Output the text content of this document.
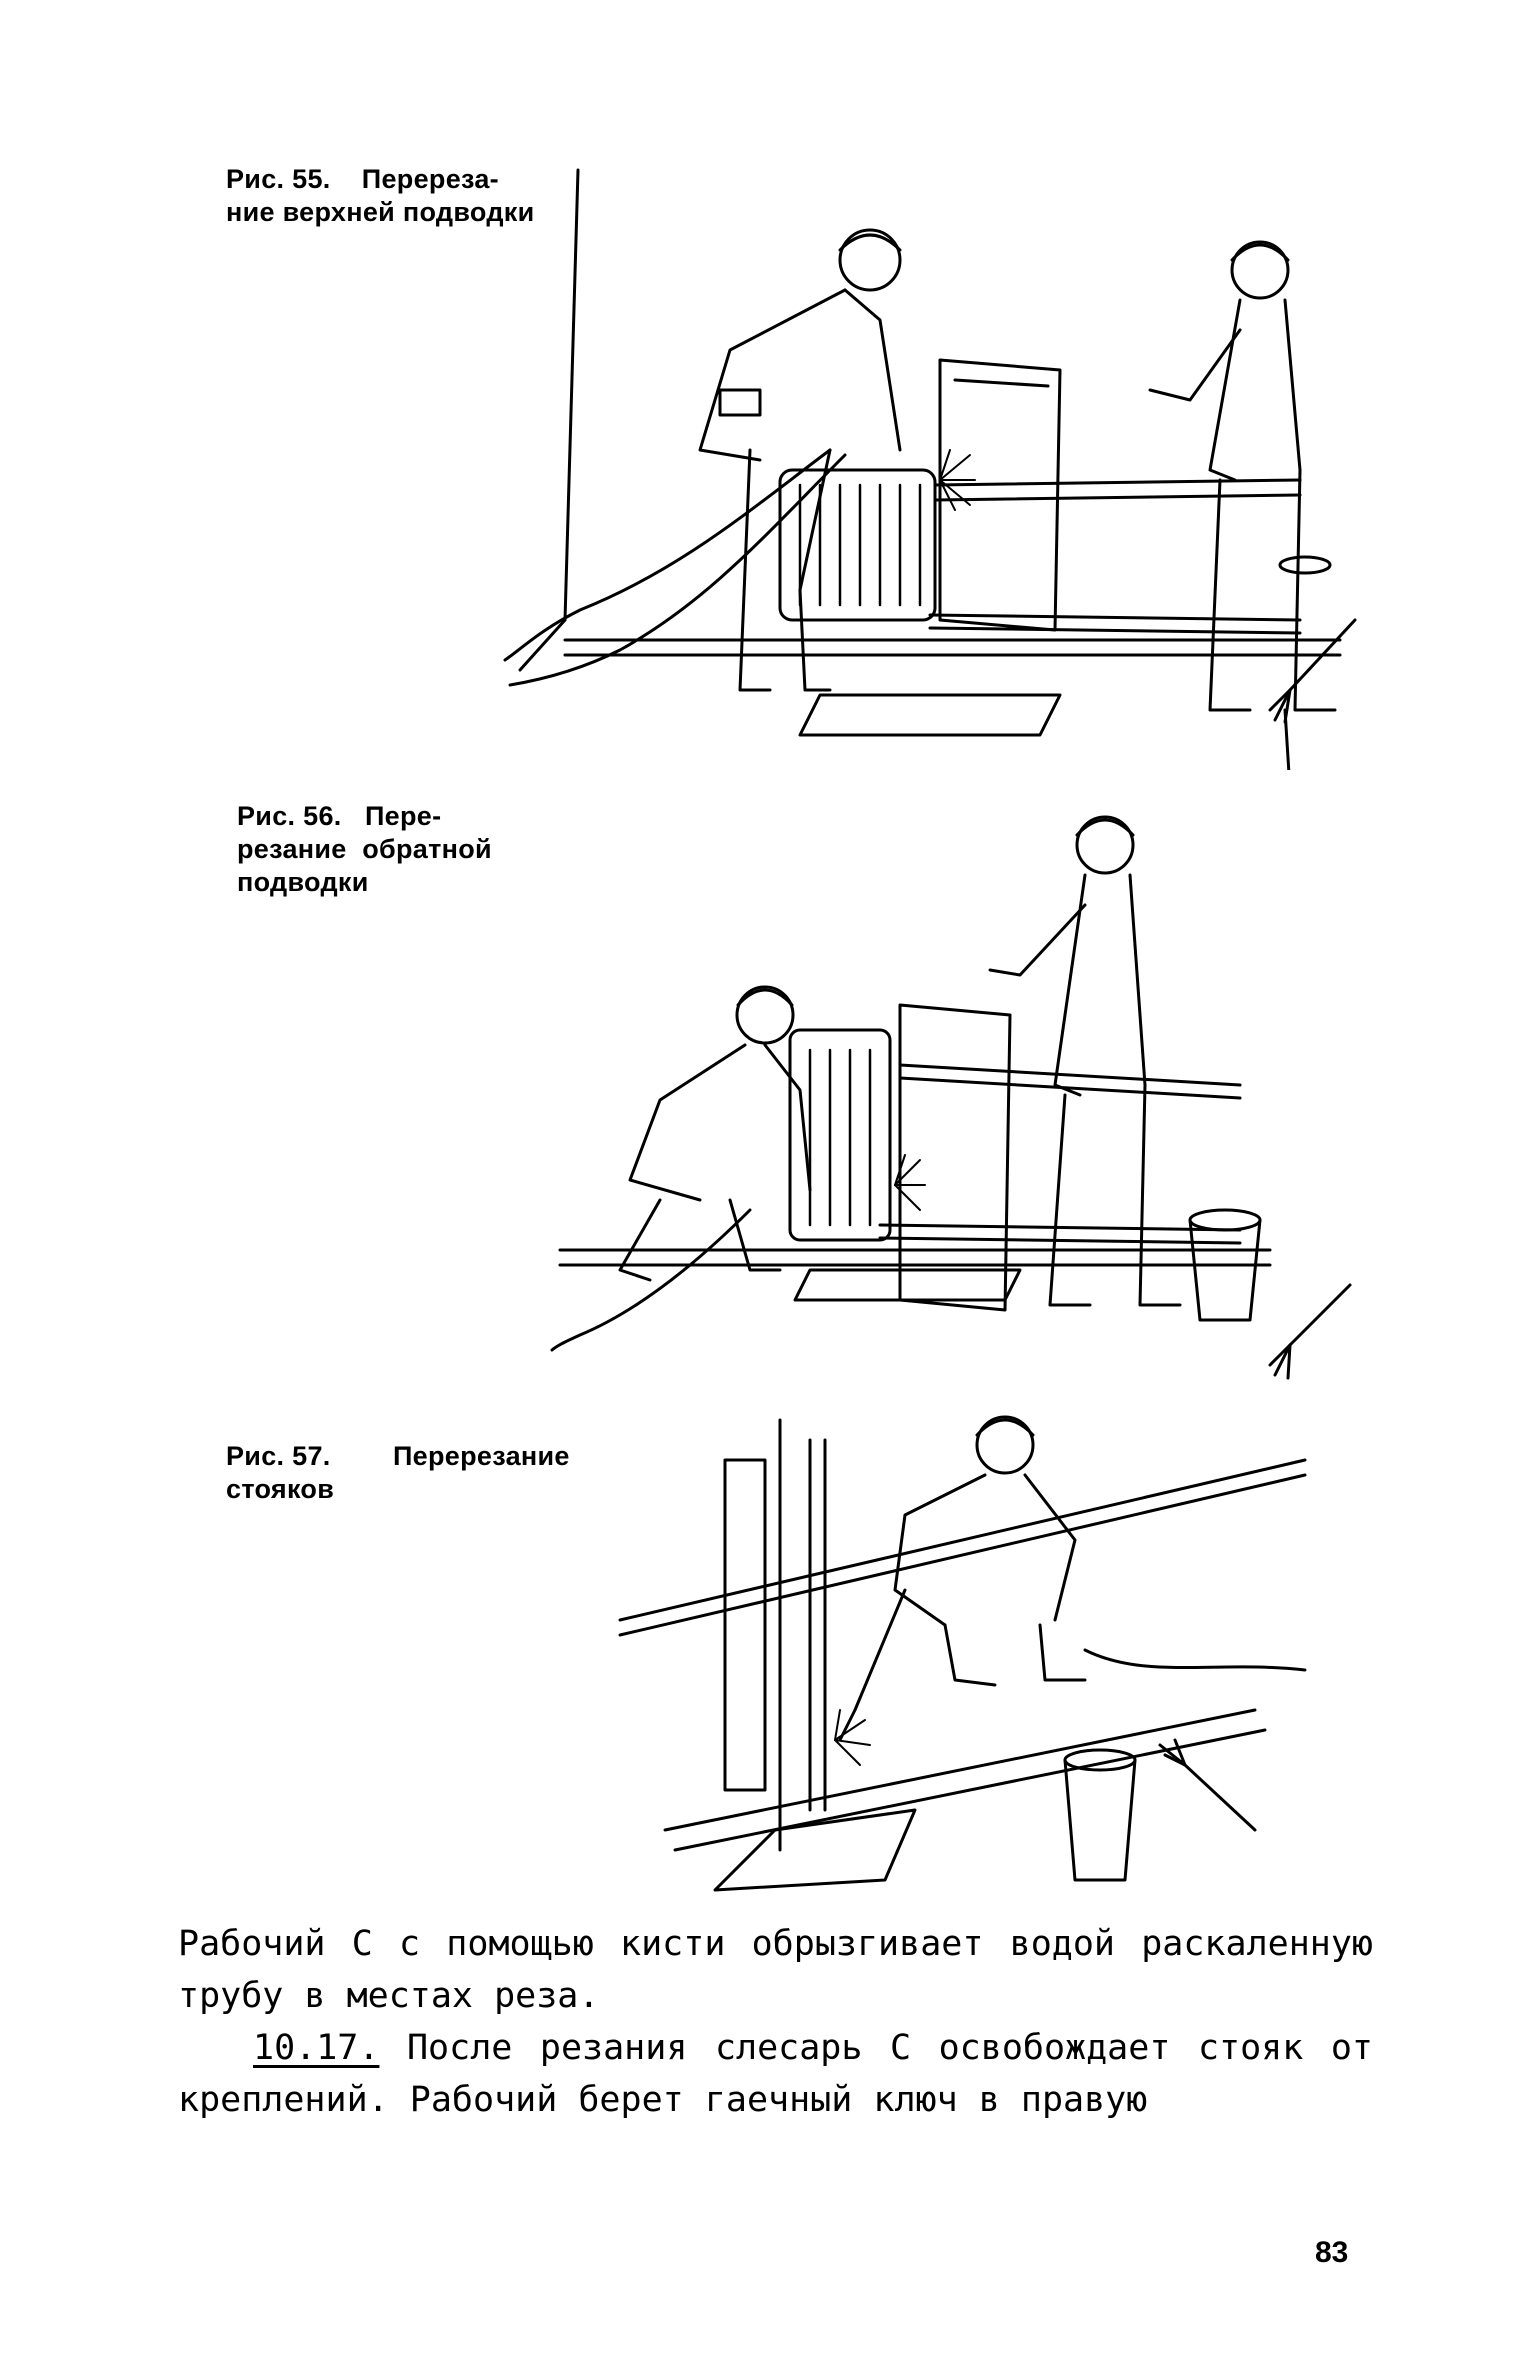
Рис. 55.    Перереза-
ние верхней подводки
Рис. 56.   Пере-
резание  обратной
подводки
Рис. 57.        Перерезание
стояков
Рабочий С с помощью кисти обрызгивает водой раскаленную трубу в местах реза.
10.17. После резания слесарь С освобождает стояк от креплений. Рабочий берет гаечный ключ в правую
83
